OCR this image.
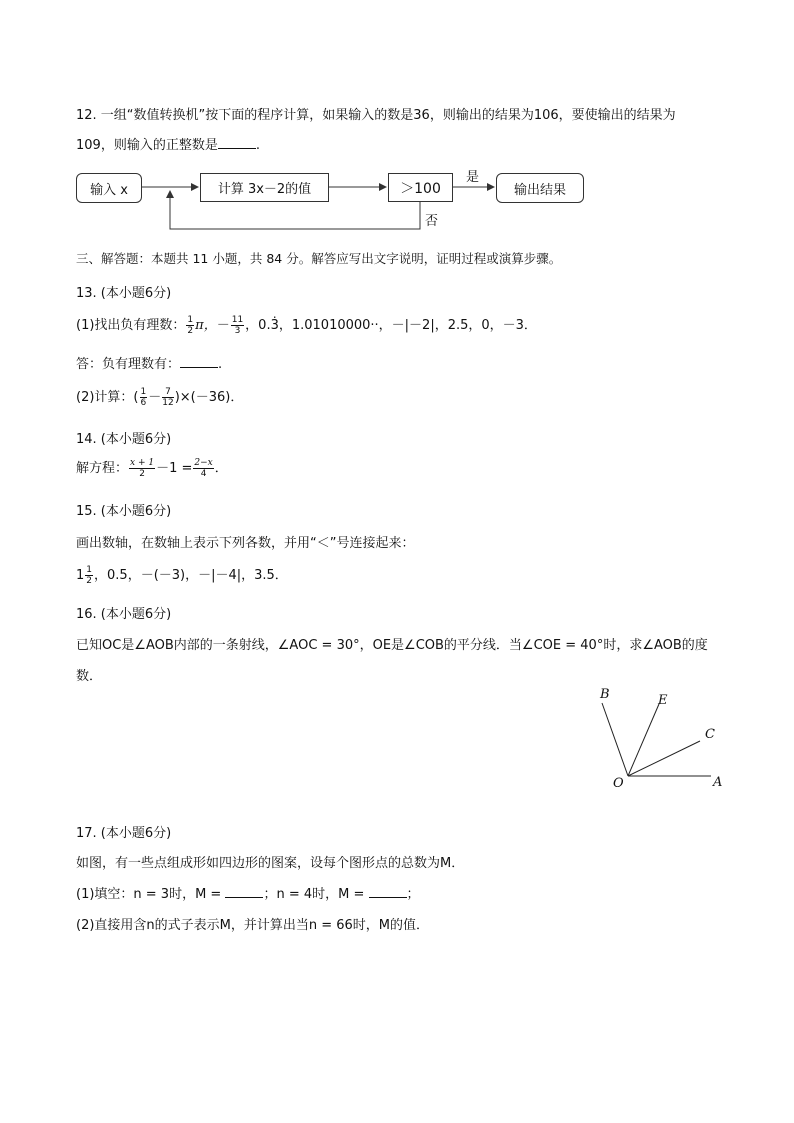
12. 一组“数值转换机”按下面的程序计算，如果输入的数是36，则输出的结果为106，要使输出的结果为
109，则输入的正整数是	.
输入 x	计算 3x－2的值	＞100	输出结果
是
否
三、解答题：本题共 11 小题，共 84 分。解答应写出文字说明，证明过程或演算步骤。
13. (本小题6分)
(1)找出负有理数： $\frac{1}{2}$ π，－ $\frac{11}{3}$ ，0.3̇，1.01010000··，－|－2|，2.5，0，－3．
答：负有理数有：	.
(2)计算：( $\frac{1}{6} - \frac{7}{12} )\times(-36)$．
14. (本小题6分)
解方程： $\frac{x + 1}{2} -1 = \frac{2-x}{4}$ ．
15. (本小题6分)
画出数轴，在数轴上表示下列各数，并用“＜”号连接起来：
$1 \frac{1}{2}$ ，0.5，－(－3)，－|－4|，3.5．
16. (本小题6分)
已知OC是∠AOB内部的一条射线，∠AOC = 30°，OE是∠COB的平分线．当∠COE = 40°时，求∠AOB的度
数．
B	E
C
O	A
17. (本小题6分)
如图，有一些点组成形如四边形的图案，设每个图形点的总数为M．
(1)填空：n = 3时，M =	；n = 4时，M =	；
(2)直接用含n的式子表示M，并计算出当n = 66时，M的值．
